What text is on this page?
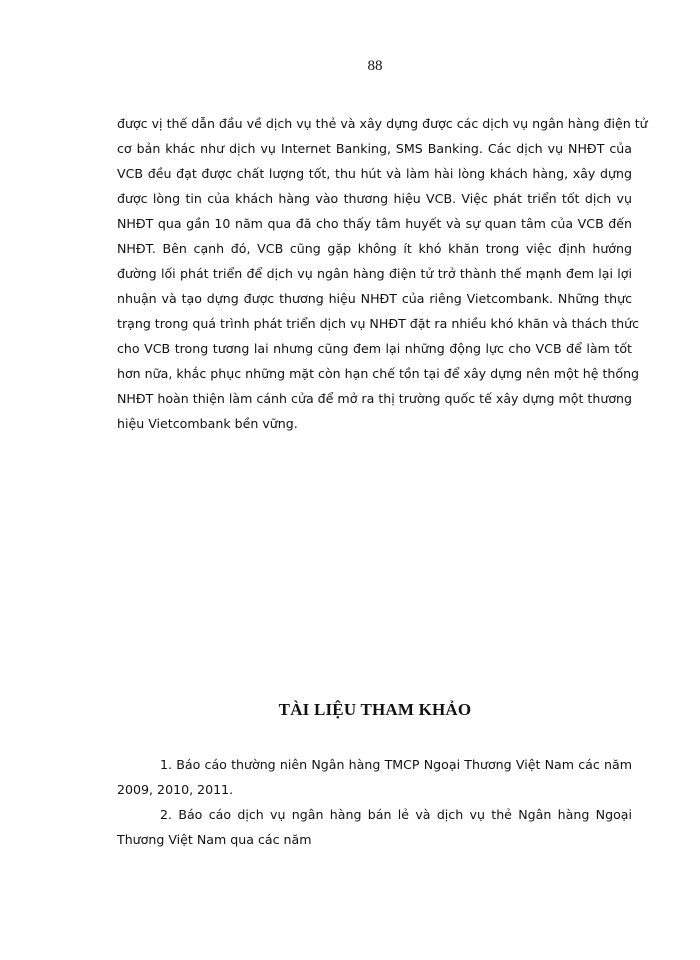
88
được vị thế dẫn đầu về dịch vụ thẻ và xây dựng được các dịch vụ ngân hàng điện tử
cơ bản khác như dịch vụ Internet Banking, SMS Banking. Các dịch vụ NHĐT của
VCB đều đạt được chất lượng tốt, thu hút và làm hài lòng khách hàng, xây dựng
được lòng tin của khách hàng vào thương hiệu VCB. Việc phát triển tốt dịch vụ
NHĐT qua gần 10 năm qua đã cho thấy tâm huyết và sự quan tâm của VCB đến
NHĐT. Bên cạnh đó, VCB cũng gặp không ít khó khăn trong việc định hướng
đường lối phát triển để dịch vụ ngân hàng điện tử trở thành thế mạnh đem lại lợi
nhuận và tạo dựng được thương hiệu NHĐT của riêng Vietcombank. Những thực
trạng trong quá trình phát triển dịch vụ NHĐT đặt ra nhiều khó khăn và thách thức
cho VCB trong tương lai nhưng cũng đem lại những động lực cho VCB để làm tốt
hơn nữa, khắc phục những mặt còn hạn chế tồn tại để xây dựng nên một hệ thống
NHĐT hoàn thiện làm cánh cửa để mở ra thị trường quốc tế xây dựng một thương
hiệu Vietcombank bền vững.
TÀI LIỆU THAM KHẢO
1. Báo cáo thường niên Ngân hàng TMCP Ngoại Thương Việt Nam các năm
2009, 2010, 2011.
2. Báo cáo dịch vụ ngân hàng bán lẻ và dịch vụ thẻ Ngân hàng Ngoại
Thương Việt Nam qua các năm
